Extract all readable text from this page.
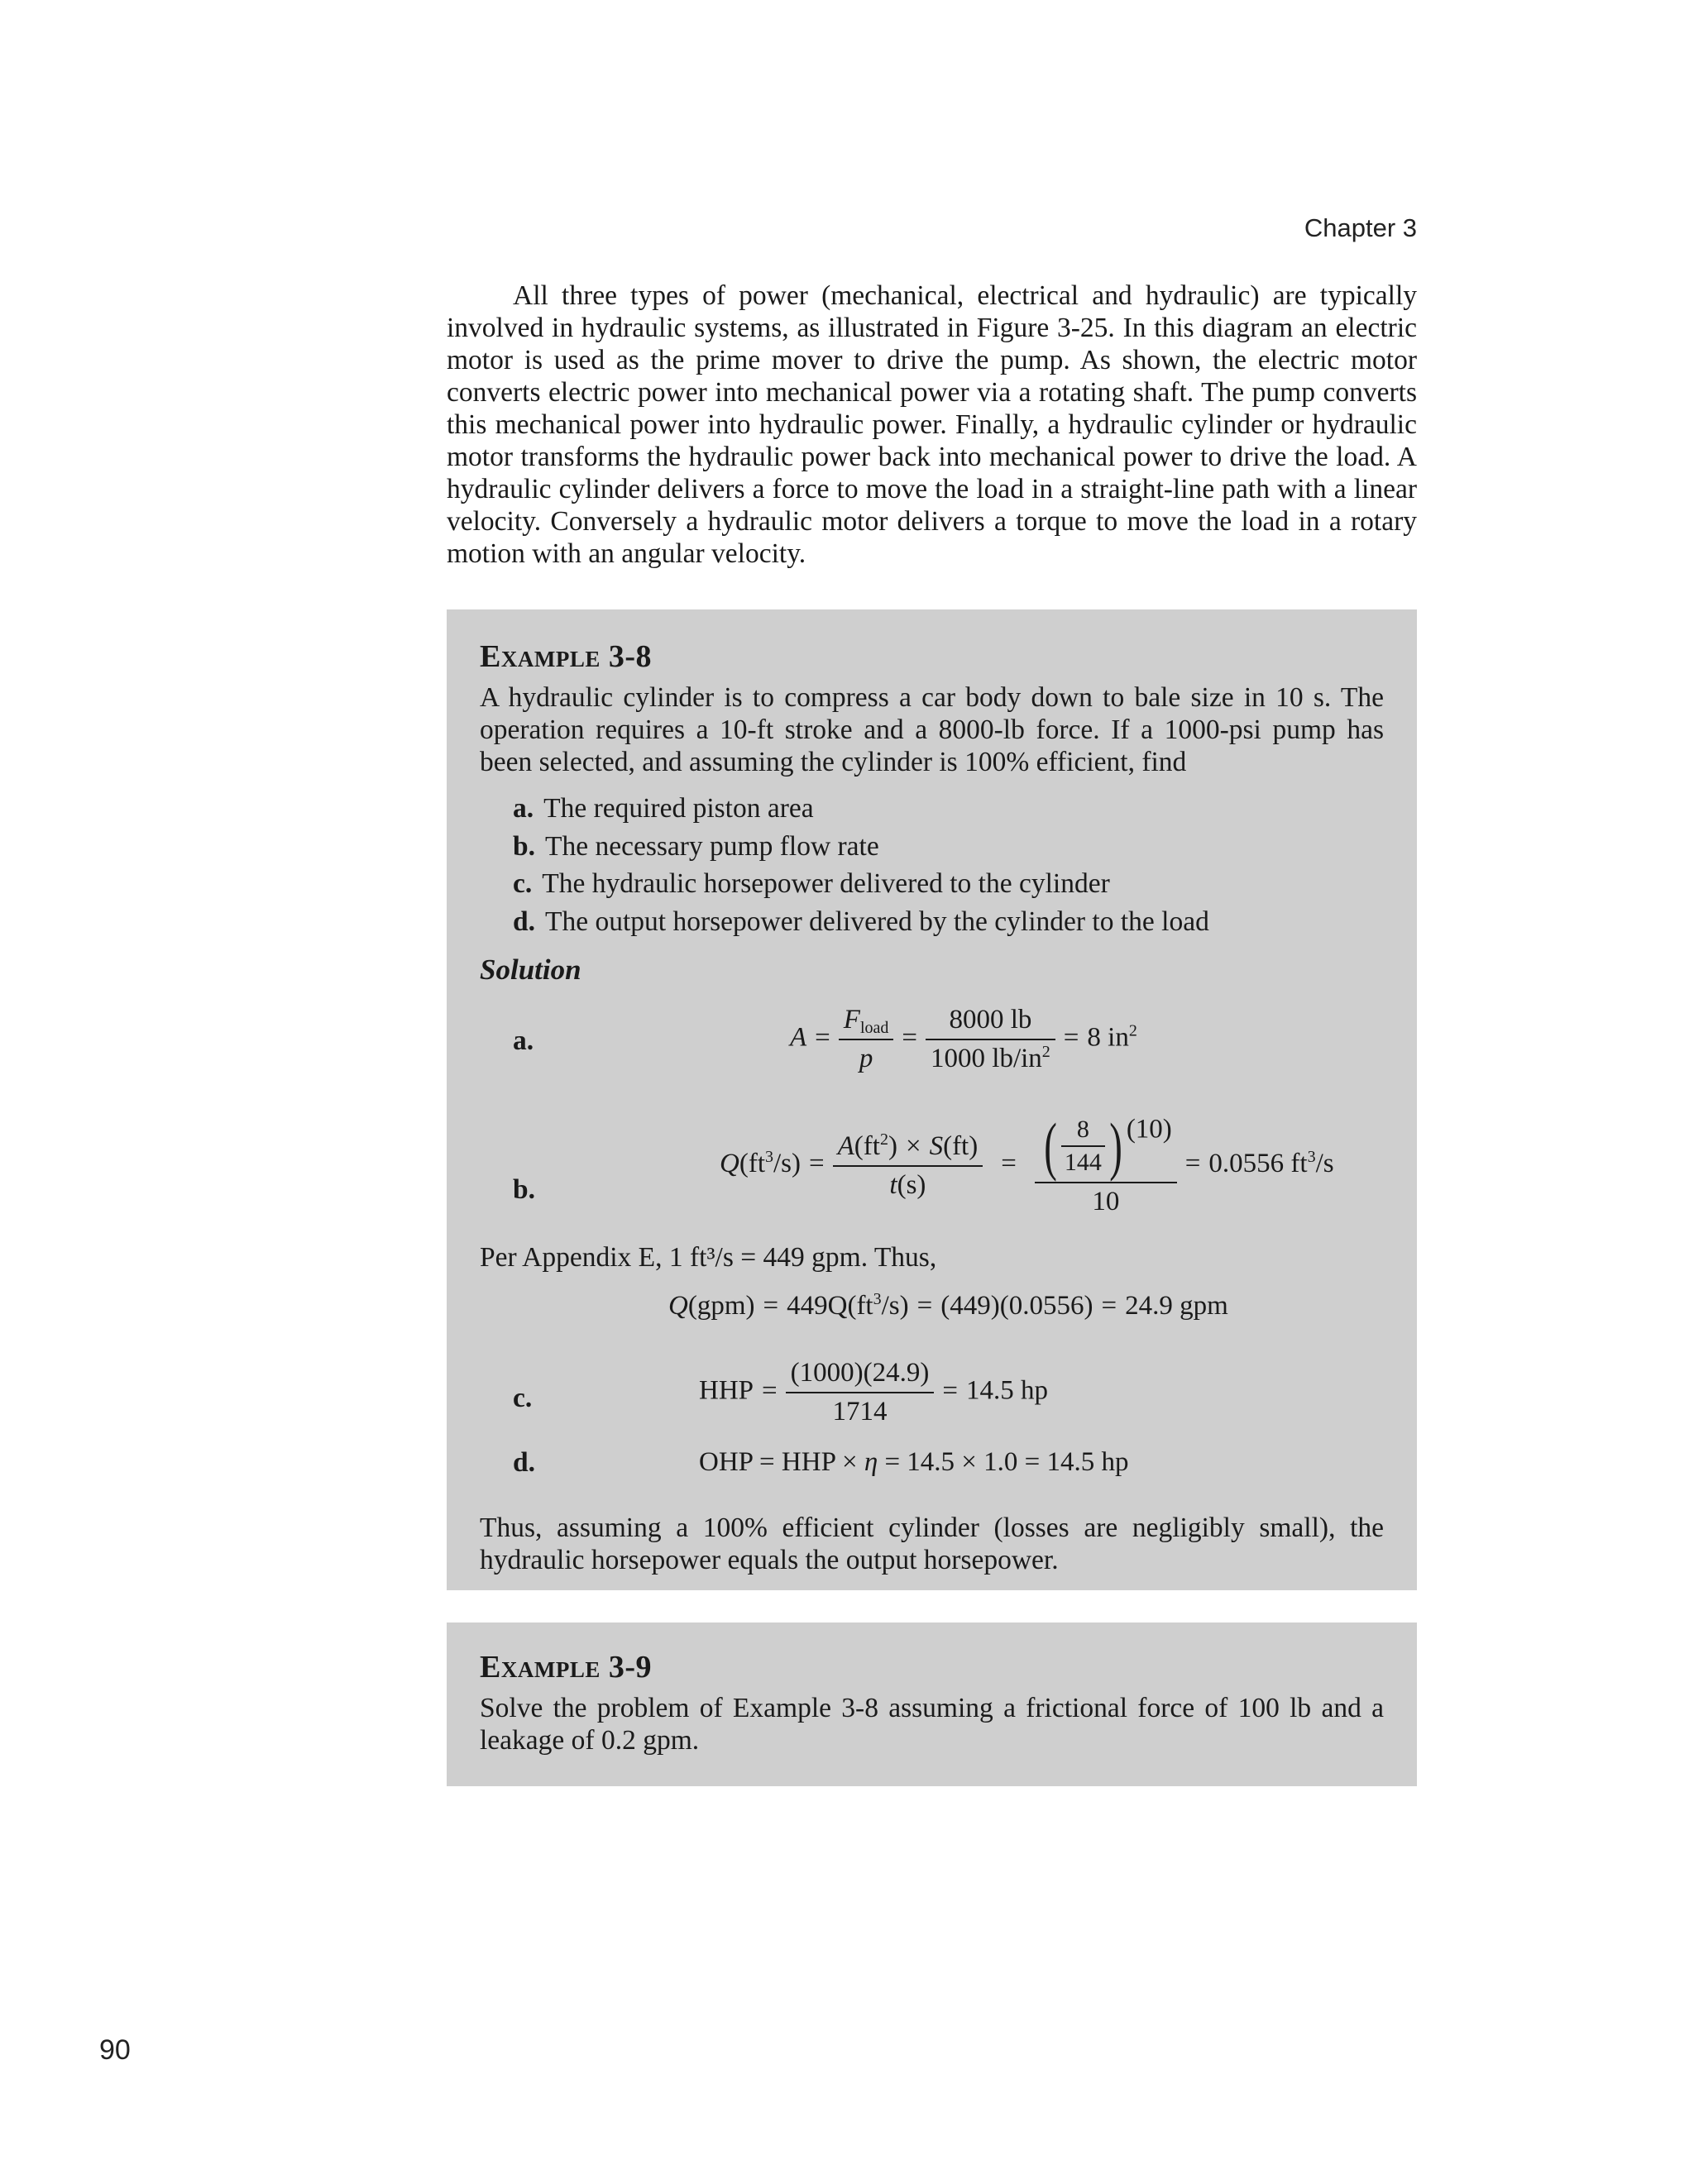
Chapter 3

All three types of power (mechanical, electrical and hydraulic) are typically involved in hydraulic systems, as illustrated in Figure 3-25. In this diagram an electric motor is used as the prime mover to drive the pump. As shown, the electric motor converts electric power into mechanical power via a rotating shaft. The pump converts this mechanical power into hydraulic power. Finally, a hydraulic cylinder or hydraulic motor transforms the hydraulic power back into mechanical power to drive the load. A hydraulic cylinder delivers a force to move the load in a straight-line path with a linear velocity. Conversely a hydraulic motor delivers a torque to move the load in a rotary motion with an angular velocity.

Example 3-8

A hydraulic cylinder is to compress a car body down to bale size in 10 s. The operation requires a 10-ft stroke and a 8000-lb force. If a 1000-psi pump has been selected, and assuming the cylinder is 100% efficient, find

a. The required piston area
b. The necessary pump flow rate
c. The hydraulic horsepower delivered to the cylinder
d. The output horsepower delivered by the cylinder to the load
Solution
a.	$A = \frac{F_{load}}{p} = \frac{8000 lb}{1000 lb/in^2} = 8$ $in^2$
b.
$Q(ft^3/s) = \frac{A(ft^2) \times S(ft)}{t(s)} = \frac{( \frac{8}{144} ) (10)}{10} = 0.0556$ $ft^3/s$
Per Appendix E, 1 ft³/s = 449 gpm. Thus,
$Q(gpm) = 449Q(ft^3/s) = (449)(0.0556) = 24.9$ gpm
c.	HHP = $\frac{(1000)(24.9)}{1714} = 14.5$ hp
d.	OHP = HHP × η = 14.5 × 1.0 = 14.5 hp

Thus, assuming a 100% efficient cylinder (losses are negligibly small), the hydraulic horsepower equals the output horsepower.

Example 3-9

Solve the problem of Example 3-8 assuming a frictional force of 100 lb and a leakage of 0.2 gpm.

90
